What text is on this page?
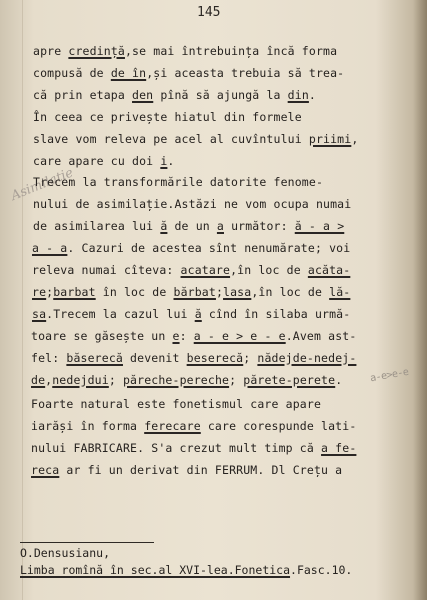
145
Asimilatie
a-e>e-e
apre credință,se mai întrebuința încă forma
compusă de de în,și aceasta trebuia să trea-
că prin etapa den pînă să ajungă la din.
În ceea ce privește hiatul din formele
slave vom releva pe acel al cuvîntului priimi,
care apare cu doi i.
Trecem la transformările datorite fenome-
nului de asimilație.Astăzi ne vom ocupa numai
de asimilarea lui ă de un a următor: ă - a >
a - a. Cazuri de acestea sînt nenumărate; voi
releva numai cîteva: acatare,în loc de acăta-
re;barbat în loc de bărbat;lasa,în loc de lă-
sa.Trecem la cazul lui ă cînd în silaba urmă-
toare se găsește un e: a - e > e - e.Avem ast-
fel: băserecă devenit beserecă; nădejde-nedej-
de,nedejdui; păreche-pereche; părete-perete.
Foarte natural este fonetismul care apare
iarăși în forma ferecare care corespunde lati-
nului FABRICARE. S'a crezut mult timp că a fe-
reca ar fi un derivat din FERRUM. Dl Crețu a
O.Densusianu,
Limba romînă în sec.al XVI-lea.Fonetica.Fasc.10.
